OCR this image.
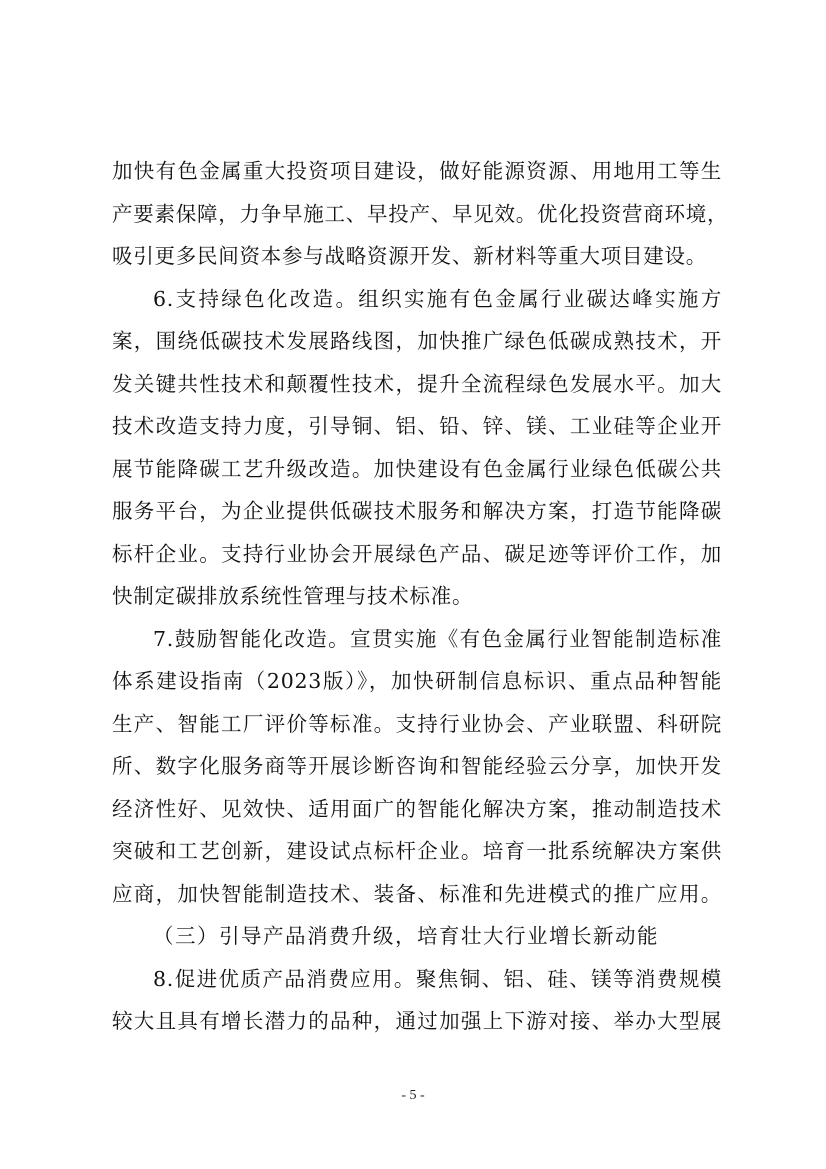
加快有色金属重大投资项目建设，做好能源资源、用地用工等生
产要素保障，力争早施工、早投产、早见效。优化投资营商环境，
吸引更多民间资本参与战略资源开发、新材料等重大项目建设。
6.支持绿色化改造。组织实施有色金属行业碳达峰实施方
案，围绕低碳技术发展路线图，加快推广绿色低碳成熟技术，开
发关键共性技术和颠覆性技术，提升全流程绿色发展水平。加大
技术改造支持力度，引导铜、铝、铅、锌、镁、工业硅等企业开
展节能降碳工艺升级改造。加快建设有色金属行业绿色低碳公共
服务平台，为企业提供低碳技术服务和解决方案，打造节能降碳
标杆企业。支持行业协会开展绿色产品、碳足迹等评价工作，加
快制定碳排放系统性管理与技术标准。
7.鼓励智能化改造。宣贯实施《有色金属行业智能制造标准
体系建设指南（2023版）》，加快研制信息标识、重点品种智能
生产、智能工厂评价等标准。支持行业协会、产业联盟、科研院
所、数字化服务商等开展诊断咨询和智能经验云分享，加快开发
经济性好、见效快、适用面广的智能化解决方案，推动制造技术
突破和工艺创新，建设试点标杆企业。培育一批系统解决方案供
应商，加快智能制造技术、装备、标准和先进模式的推广应用。
（三）引导产品消费升级，培育壮大行业增长新动能
8.促进优质产品消费应用。聚焦铜、铝、硅、镁等消费规模
较大且具有增长潜力的品种，通过加强上下游对接、举办大型展
- 5 -
